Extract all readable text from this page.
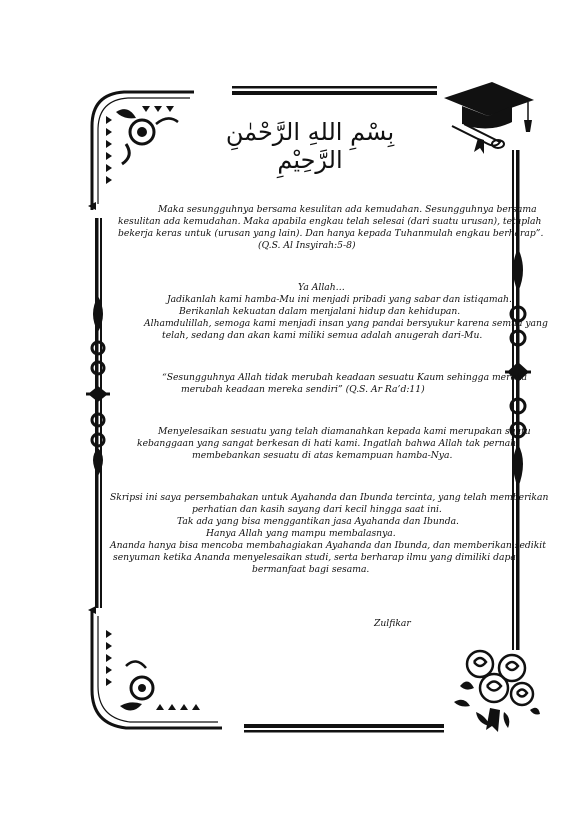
بِسْمِ اللهِ الرَّحْمٰنِ الرَّحِيْمِ
Maka sesungguhnya bersama kesulitan ada kemudahan. Sesungguhnya bersama
kesulitan ada kemudahan. Maka apabila engkau telah selesai (dari suatu urusan), tetaplah
bekerja keras untuk (urusan yang lain). Dan hanya kepada Tuhanmulah engkau berharap”.
(Q.S. Al Insyirah:5-8)
Ya Allah…
Jadikanlah kami hamba-Mu ini menjadi pribadi yang sabar dan istiqamah.
Berikanlah kekuatan dalam menjalani hidup dan kehidupan.
Alhamdulillah, semoga kami menjadi insan yang pandai bersyukur karena semua yang
telah, sedang dan akan kami miliki semua adalah anugerah dari-Mu.
“Sesungguhnya Allah tidak merubah keadaan sesuatu Kaum sehingga mereka
merubah keadaan mereka sendiri” (Q.S. Ar Ra’d:11)
Menyelesaikan sesuatu yang telah diamanahkan kepada kami merupakan suatu
kebanggaan yang sangat berkesan di hati kami. Ingatlah bahwa Allah tak pernah
membebankan sesuatu di atas kemampuan hamba-Nya.
Skripsi ini saya persembahakan untuk Ayahanda dan Ibunda tercinta, yang telah memberikan
perhatian dan kasih sayang dari kecil hingga saat ini.
Tak ada yang bisa menggantikan jasa Ayahanda dan Ibunda.
Hanya Allah yang mampu membalasnya.
Ananda hanya bisa mencoba membahagiakan Ayahanda dan Ibunda, dan memberikan sedikit
senyuman ketika Ananda menyelesaikan studi, serta berharap ilmu yang dimiliki dapat
bermanfaat bagi sesama.
Zulfikar
